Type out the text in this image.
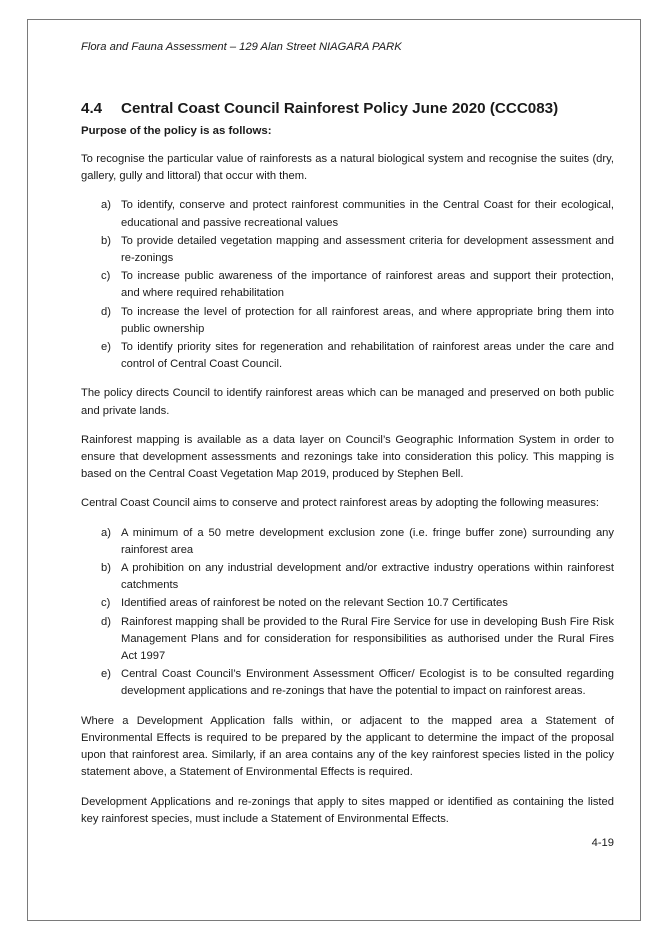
Flora and Fauna Assessment – 129 Alan Street NIAGARA PARK

4.4	Central Coast Council Rainforest Policy June 2020 (CCC083)

Purpose of the policy is as follows:

To recognise the particular value of rainforests as a natural biological system and recognise the suites (dry, gallery, gully and littoral) that occur with them.

a) To identify, conserve and protect rainforest communities in the Central Coast for their ecological, educational and passive recreational values
b) To provide detailed vegetation mapping and assessment criteria for development assessment and re-zonings
c) To increase public awareness of the importance of rainforest areas and support their protection, and where required rehabilitation
d) To increase the level of protection for all rainforest areas, and where appropriate bring them into public ownership
e) To identify priority sites for regeneration and rehabilitation of rainforest areas under the care and control of Central Coast Council.

The policy directs Council to identify rainforest areas which can be managed and preserved on both public and private lands.

Rainforest mapping is available as a data layer on Council’s Geographic Information System in order to ensure that development assessments and rezonings take into consideration this policy. This mapping is based on the Central Coast Vegetation Map 2019, produced by Stephen Bell.

Central Coast Council aims to conserve and protect rainforest areas by adopting the following measures:

a) A minimum of a 50 metre development exclusion zone (i.e. fringe buffer zone) surrounding any rainforest area
b) A prohibition on any industrial development and/or extractive industry operations within rainforest catchments
c) Identified areas of rainforest be noted on the relevant Section 10.7 Certificates
d) Rainforest mapping shall be provided to the Rural Fire Service for use in developing Bush Fire Risk Management Plans and for consideration for responsibilities as authorised under the Rural Fires Act 1997
e) Central Coast Council’s Environment Assessment Officer/ Ecologist is to be consulted regarding development applications and re-zonings that have the potential to impact on rainforest areas.

Where a Development Application falls within, or adjacent to the mapped area a Statement of Environmental Effects is required to be prepared by the applicant to determine the impact of the proposal upon that rainforest area. Similarly, if an area contains any of the key rainforest species listed in the policy statement above, a Statement of Environmental Effects is required.

Development Applications and re-zonings that apply to sites mapped or identified as containing the listed key rainforest species, must include a Statement of Environmental Effects.

4-19
